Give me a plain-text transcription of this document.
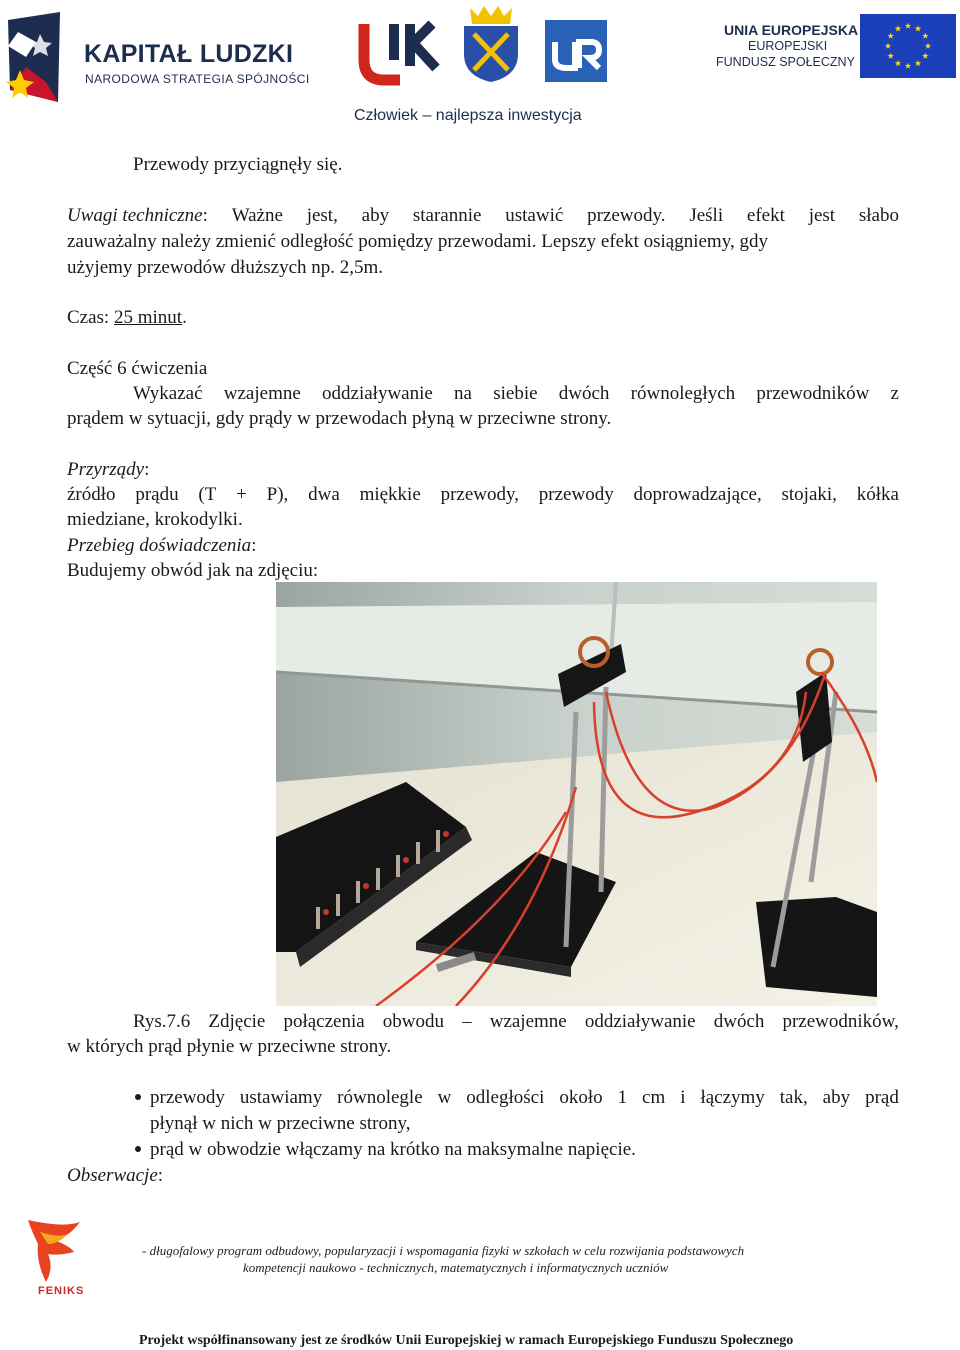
KAPITAŁ LUDZKI
NARODOWA STRATEGIA SPÓJNOŚCI
UNIA EUROPEJSKA
EUROPEJSKI
FUNDUSZ SPOŁECZNY
Człowiek – najlepsza inwestycja
Przewody przyciągnęły się.
Uwagi techniczne: Ważne jest, aby starannie ustawić przewody. Jeśli efekt jest słabo
zauważalny należy zmienić odległość pomiędzy przewodami. Lepszy efekt osiągniemy, gdy
użyjemy przewodów dłuższych np. 2,5m.
Czas: 25 minut.
Część 6 ćwiczenia
Wykazać wzajemne oddziaływanie na siebie dwóch równoległych przewodników z
prądem w sytuacji, gdy prądy w przewodach płyną w przeciwne strony.
Przyrządy:
źródło prądu (T + P), dwa miękkie przewody, przewody doprowadzające, stojaki, kółka
miedziane, krokodylki.
Przebieg doświadczenia:
Budujemy obwód jak na zdjęciu:
Rys.7.6 Zdjęcie połączenia obwodu – wzajemne oddziaływanie dwóch przewodników,
w których prąd płynie w przeciwne strony.
przewody ustawiamy równolegle w odległości około 1 cm i łączymy tak, aby prąd
płynął w nich w przeciwne strony,
prąd w obwodzie włączamy na krótko na maksymalne napięcie.
Obserwacje:
FENIKS
- długofalowy program odbudowy, popularyzacji i wspomagania fizyki w szkołach w celu rozwijania podstawowych
kompetencji naukowo - technicznych, matematycznych i informatycznych uczniów
Projekt współfinansowany jest ze środków Unii Europejskiej w ramach Europejskiego Funduszu Społecznego
